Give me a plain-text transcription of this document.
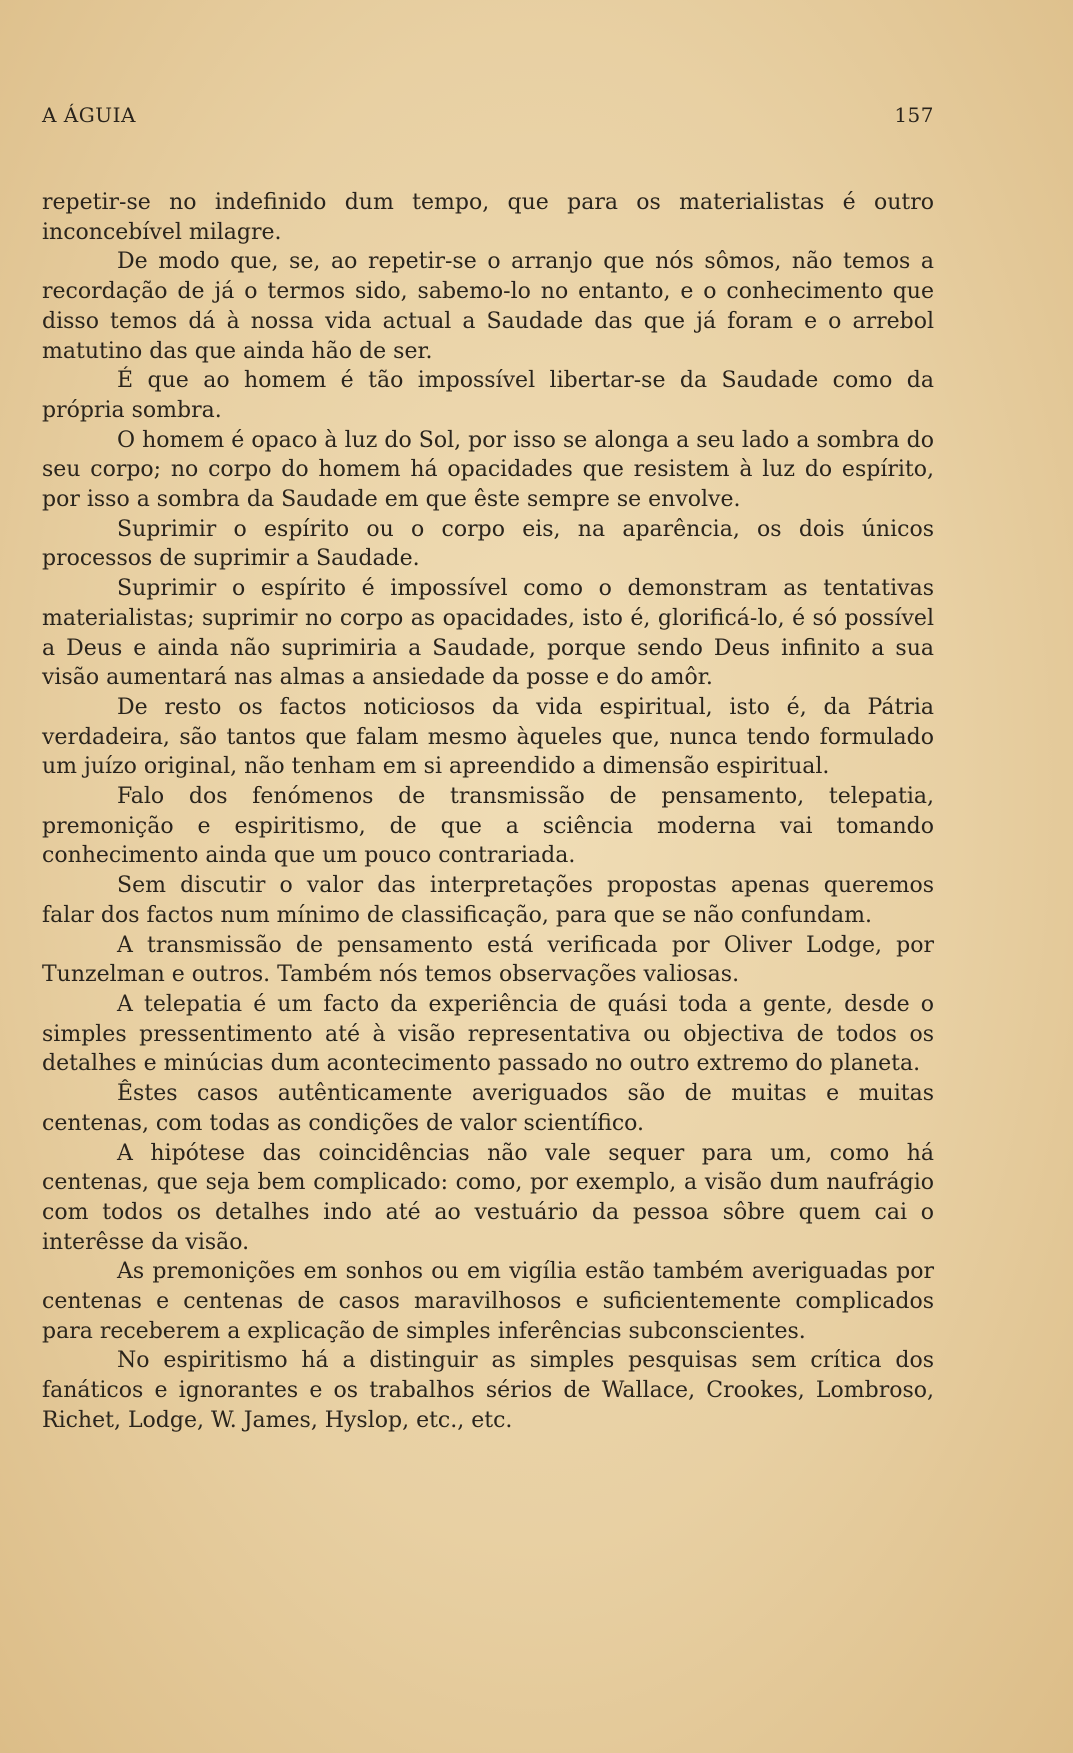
A ÁGUIA	157

repetir-se no indefinido dum tempo, que para os materialistas é outro inconcebível milagre.

De modo que, se, ao repetir-se o arranjo que nós sômos, não temos a recordação de já o termos sido, sabemo-lo no entanto, e o conhecimento que disso temos dá à nossa vida actual a Saudade das que já foram e o arrebol matutino das que ainda hão de ser.

É que ao homem é tão impossível libertar-se da Saudade como da própria sombra.

O homem é opaco à luz do Sol, por isso se alonga a seu lado a sombra do seu corpo; no corpo do homem há opacidades que resistem à luz do espírito, por isso a sombra da Saudade em que êste sempre se envolve.

Suprimir o espírito ou o corpo eis, na aparência, os dois únicos processos de suprimir a Saudade.

Suprimir o espírito é impossível como o demonstram as tentativas materialistas; suprimir no corpo as opacidades, isto é, glorificá-lo, é só possível a Deus e ainda não suprimiria a Saudade, porque sendo Deus infinito a sua visão aumentará nas almas a ansiedade da posse e do amôr.

De resto os factos noticiosos da vida espiritual, isto é, da Pátria verdadeira, são tantos que falam mesmo àqueles que, nunca tendo formulado um juízo original, não tenham em si apreendido a dimensão espiritual.

Falo dos fenómenos de transmissão de pensamento, telepatia, premonição e espiritismo, de que a sciência moderna vai tomando conhecimento ainda que um pouco contrariada.

Sem discutir o valor das interpretações propostas apenas queremos falar dos factos num mínimo de classificação, para que se não confundam.

A transmissão de pensamento está verificada por Oliver Lodge, por Tunzelman e outros. Também nós temos observações valiosas.

A telepatia é um facto da experiência de quási toda a gente, desde o simples pressentimento até à visão representativa ou objectiva de todos os detalhes e minúcias dum acontecimento passado no outro extremo do planeta.

Êstes casos autênticamente averiguados são de muitas e muitas centenas, com todas as condições de valor scientífico.

A hipótese das coincidências não vale sequer para um, como há centenas, que seja bem complicado: como, por exemplo, a visão dum naufrágio com todos os detalhes indo até ao vestuário da pessoa sôbre quem cai o interêsse da visão.

As premonições em sonhos ou em vigília estão também averiguadas por centenas e centenas de casos maravilhosos e suficientemente complicados para receberem a explicação de simples inferências subconscientes.

No espiritismo há a distinguir as simples pesquisas sem crítica dos fanáticos e ignorantes e os trabalhos sérios de Wallace, Crookes, Lombroso, Richet, Lodge, W. James, Hyslop, etc., etc.
